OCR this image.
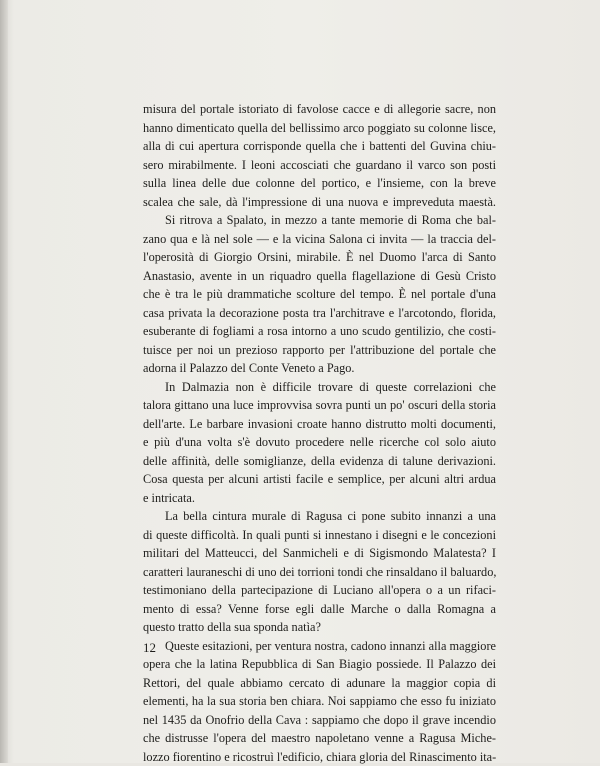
misura del portale istoriato di favolose cacce e di allegorie sacre, non
hanno dimenticato quella del bellissimo arco poggiato su colonne lisce,
alla di cui apertura corrisponde quella che i battenti del Guvina chiu-
sero mirabilmente. I leoni accosciati che guardano il varco son posti
sulla linea delle due colonne del portico, e l'insieme, con la breve
scalea che sale, dà l'impressione di una nuova e impreveduta maestà.
Si ritrova a Spalato, in mezzo a tante memorie di Roma che bal-
zano qua e là nel sole — e la vicina Salona ci invita — la traccia del-
l'operosità di Giorgio Orsini, mirabile. È nel Duomo l'arca di Santo
Anastasio, avente in un riquadro quella flagellazione di Gesù Cristo
che è tra le più drammatiche scolture del tempo. È nel portale d'una
casa privata la decorazione posta tra l'architrave e l'arcotondo, florida,
esuberante di fogliami a rosa intorno a uno scudo gentilizio, che costi-
tuisce per noi un prezioso rapporto per l'attribuzione del portale che
adorna il Palazzo del Conte Veneto a Pago.
In Dalmazia non è difficile trovare di queste correlazioni che
talora gittano una luce improvvisa sovra punti un po' oscuri della storia
dell'arte. Le barbare invasioni croate hanno distrutto molti documenti,
e più d'una volta s'è dovuto procedere nelle ricerche col solo aiuto
delle affinità, delle somiglianze, della evidenza di talune derivazioni.
Cosa questa per alcuni artisti facile e semplice, per alcuni altri ardua
e intricata.
La bella cintura murale di Ragusa ci pone subito innanzi a una
di queste difficoltà. In quali punti si innestano i disegni e le concezioni
militari del Matteucci, del Sanmicheli e di Sigismondo Malatesta? I
caratteri lauraneschi di uno dei torrioni tondi che rinsaldano il baluardo,
testimoniano della partecipazione di Luciano all'opera o a un rifaci-
mento di essa? Venne forse egli dalle Marche o dalla Romagna a
questo tratto della sua sponda natìa?
Queste esitazioni, per ventura nostra, cadono innanzi alla maggiore
opera che la latina Repubblica di San Biagio possiede. Il Palazzo dei
Rettori, del quale abbiamo cercato di adunare la maggior copia di
elementi, ha la sua storia ben chiara. Noi sappiamo che esso fu iniziato
nel 1435 da Onofrio della Cava : sappiamo che dopo il grave incendio
che distrusse l'opera del maestro napoletano venne a Ragusa Miche-
lozzo fiorentino e ricostruì l'edificio, chiara gloria del Rinascimento ita-
12
